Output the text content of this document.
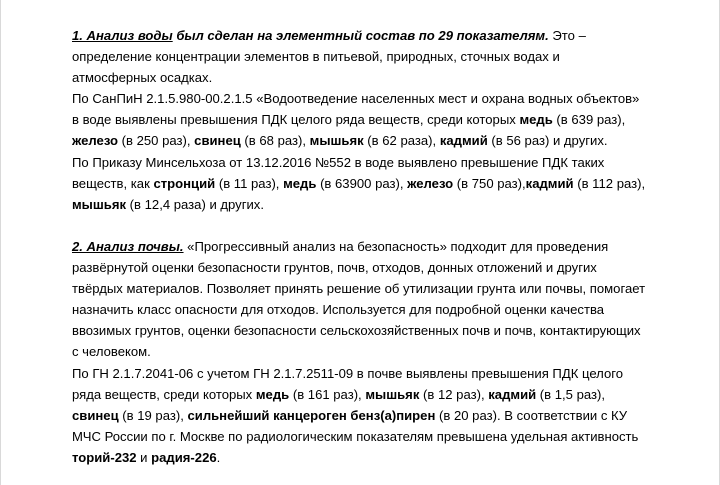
1. Анализ воды был сделан на элементный состав по 29 показателям. Это –
определение концентрации элементов в питьевой, природных, сточных водах и
атмосферных осадках.
По СанПиН 2.1.5.980-00.2.1.5 «Водоотведение населенных мест и охрана водных объектов»
в воде выявлены превышения ПДК целого ряда веществ, среди которых медь (в 639 раз),
железо (в 250 раз), свинец (в 68 раз), мышьяк (в 62 раза), кадмий (в 56 раз) и других.
По Приказу Минсельхоза от 13.12.2016 №552 в воде выявлено превышение ПДК таких
веществ, как стронций (в 11 раз), медь (в 63900 раз), железо (в 750 раз),кадмий (в 112 раз),
мышьяк (в 12,4 раза) и других.
2. Анализ почвы. «Прогрессивный анализ на безопасность» подходит для проведения
развёрнутой оценки безопасности грунтов, почв, отходов, донных отложений и других
твёрдых материалов. Позволяет принять решение об утилизации грунта или почвы, помогает
назначить класс опасности для отходов. Используется для подробной оценки качества
ввозимых грунтов, оценки безопасности сельскохозяйственных почв и почв, контактирующих
с человеком.
По ГН 2.1.7.2041-06 с учетом ГН 2.1.7.2511-09 в почве выявлены превышения ПДК целого
ряда веществ, среди которых медь (в 161 раз), мышьяк (в 12 раз), кадмий (в 1,5 раз),
свинец (в 19 раз), сильнейший канцероген бенз(а)пирен (в 20 раз). В соответствии с КУ
МЧС России по г. Москве по радиологическим показателям превышена удельная активность
торий-232 и радия-226.
